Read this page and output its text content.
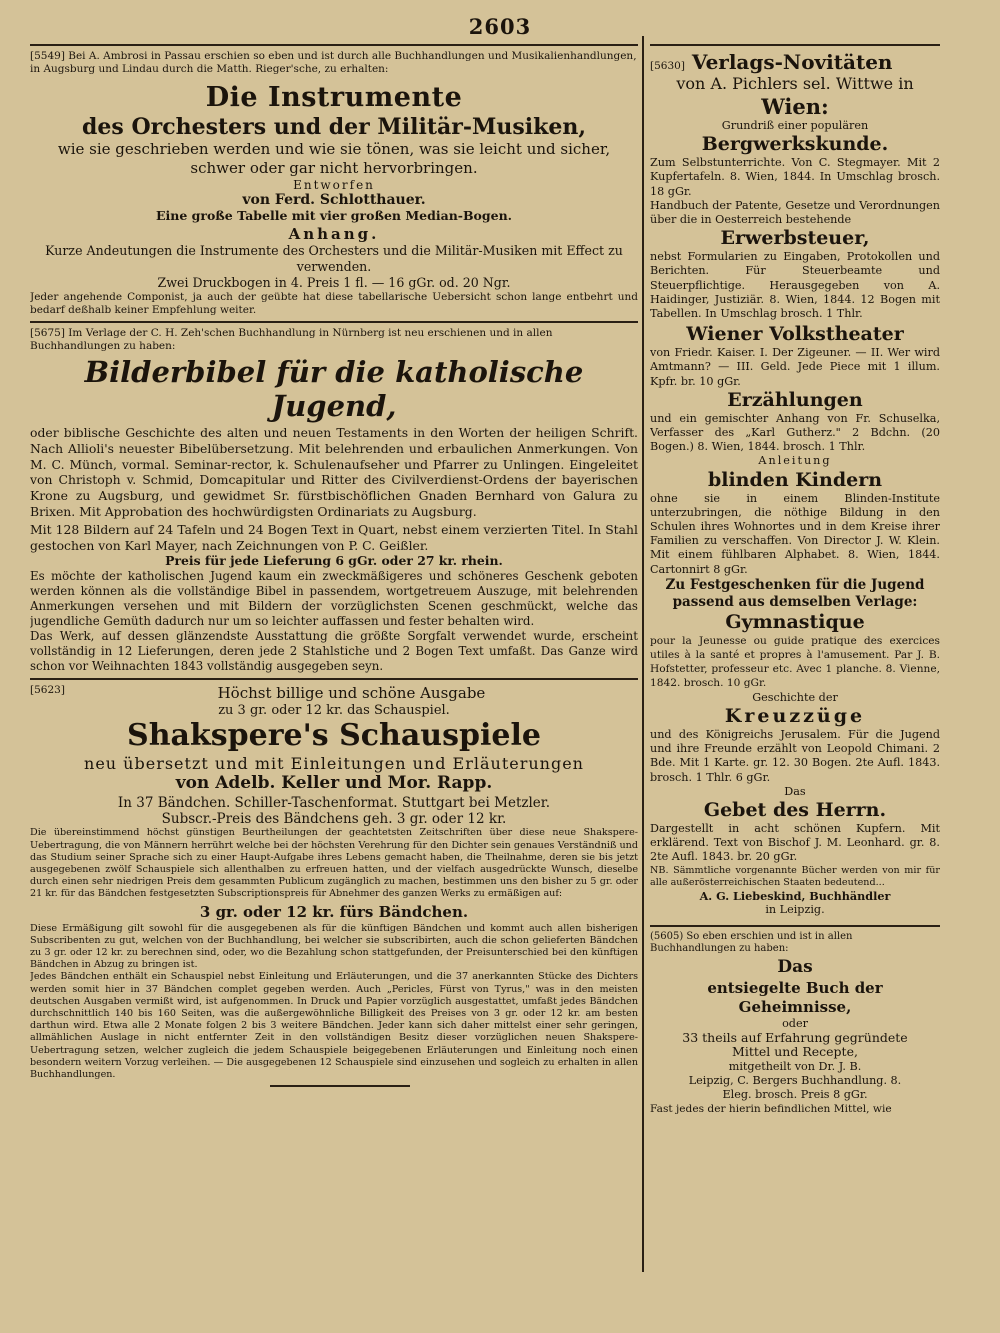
2603
[5549] Bei A. Ambrosi in Passau erschien so eben und ist durch alle Buchhandlungen und Musikalienhandlungen, in Augsburg und Lindau durch die Matth. Rieger'sche, zu erhalten:
Die Instrumente
des Orchesters und der Militär-Musiken,
wie sie geschrieben werden und wie sie tönen, was sie leicht und sicher,
schwer oder gar nicht hervorbringen.
Entworfen
von Ferd. Schlotthauer.
Eine große Tabelle mit vier großen Median-Bogen.
Anhang.
Kurze Andeutungen die Instrumente des Orchesters und die Militär-Musiken mit Effect zu verwenden.
Zwei Druckbogen in 4. Preis 1 fl. — 16 gGr. od. 20 Ngr.
Jeder angehende Componist, ja auch der geübte hat diese tabellarische Uebersicht schon lange entbehrt und bedarf deßhalb keiner Empfehlung weiter.
[5675] Im Verlage der C. H. Zeh'schen Buchhandlung in Nürnberg ist neu erschienen und in allen Buchhandlungen zu haben:
Bilderbibel für die katholische Jugend,
oder biblische Geschichte des alten und neuen Testaments in den Worten der heiligen Schrift. Nach Allioli's neuester Bibelübersetzung. Mit belehrenden und erbaulichen Anmerkungen. Von M. C. Münch, vormal. Seminar-rector, k. Schulenaufseher und Pfarrer zu Unlingen. Eingeleitet von Christoph v. Schmid, Domcapitular und Ritter des Civilverdienst-Ordens der bayerischen Krone zu Augsburg, und gewidmet Sr. fürstbischöflichen Gnaden Bernhard von Galura zu Brixen. Mit Approbation des hochwürdigsten Ordinariats zu Augsburg.
Mit 128 Bildern auf 24 Tafeln und 24 Bogen Text in Quart, nebst einem verzierten Titel. In Stahl gestochen von Karl Mayer, nach Zeichnungen von P. C. Geißler.
Preis für jede Lieferung 6 gGr. oder 27 kr. rhein.
Es möchte der katholischen Jugend kaum ein zweckmäßigeres und schöneres Geschenk geboten werden können als die vollständige Bibel in passendem, wortgetreuem Auszuge, mit belehrenden Anmerkungen versehen und mit Bildern der vorzüglichsten Scenen geschmückt, welche das jugendliche Gemüth dadurch nur um so leichter auffassen und fester behalten wird.
Das Werk, auf dessen glänzendste Ausstattung die größte Sorgfalt verwendet wurde, erscheint vollständig in 12 Lieferungen, deren jede 2 Stahlstiche und 2 Bogen Text umfaßt. Das Ganze wird schon vor Weihnachten 1843 vollständig ausgegeben seyn.
[5623]	Höchst billige und schöne Ausgabe
zu 3 gr. oder 12 kr. das Schauspiel.
Shakspere's Schauspiele
neu übersetzt und mit Einleitungen und Erläuterungen
von Adelb. Keller und Mor. Rapp.
In 37 Bändchen. Schiller-Taschenformat. Stuttgart bei Metzler.
Subscr.-Preis des Bändchens geh. 3 gr. oder 12 kr.
Die übereinstimmend höchst günstigen Beurtheilungen der geachtetsten Zeitschriften über diese neue Shakspere-Uebertragung, die von Männern herrührt welche bei der höchsten Verehrung für den Dichter sein genaues Verständniß und das Studium seiner Sprache sich zu einer Haupt-Aufgabe ihres Lebens gemacht haben, die Theilnahme, deren sie bis jetzt ausgegebenen zwölf Schauspiele sich allenthalben zu erfreuen hatten, und der vielfach ausgedrückte Wunsch, dieselbe durch einen sehr niedrigen Preis dem gesammten Publicum zugänglich zu machen, bestimmen uns den bisher zu 5 gr. oder 21 kr. für das Bändchen festgesetzten Subscriptionspreis für Abnehmer des ganzen Werks zu ermäßigen auf:
3 gr. oder 12 kr. fürs Bändchen.
Diese Ermäßigung gilt sowohl für die ausgegebenen als für die künftigen Bändchen und kommt auch allen bisherigen Subscribenten zu gut, welchen von der Buchhandlung, bei welcher sie subscribirten, auch die schon gelieferten Bändchen zu 3 gr. oder 12 kr. zu berechnen sind, oder, wo die Bezahlung schon stattgefunden, der Preisunterschied bei den künftigen Bändchen in Abzug zu bringen ist.
Jedes Bändchen enthält ein Schauspiel nebst Einleitung und Erläuterungen, und die 37 anerkannten Stücke des Dichters werden somit hier in 37 Bändchen complet gegeben werden. Auch „Pericles, Fürst von Tyrus," was in den meisten deutschen Ausgaben vermißt wird, ist aufgenommen. In Druck und Papier vorzüglich ausgestattet, umfaßt jedes Bändchen durchschnittlich 140 bis 160 Seiten, was die außergewöhnliche Billigkeit des Preises von 3 gr. oder 12 kr. am besten darthun wird. Etwa alle 2 Monate folgen 2 bis 3 weitere Bändchen. Jeder kann sich daher mittelst einer sehr geringen, allmählichen Auslage in nicht entfernter Zeit in den vollständigen Besitz dieser vorzüglichen neuen Shakspere-Uebertragung setzen, welcher zugleich die jedem Schauspiele beigegebenen Erläuterungen und Einleitung noch einen besondern weitern Vorzug verleihen. — Die ausgegebenen 12 Schauspiele sind einzusehen und sogleich zu erhalten in allen Buchhandlungen.
[5630] Verlags-Novitäten
von A. Pichlers sel. Wittwe in
Wien:
Grundriß einer populären
Bergwerkskunde.
Zum Selbstunterrichte. Von C. Stegmayer. Mit 2 Kupfertafeln. 8. Wien, 1844. In Umschlag brosch. 18 gGr.
Handbuch der Patente, Gesetze und Verordnungen über die in Oesterreich bestehende
Erwerbsteuer,
nebst Formularien zu Eingaben, Protokollen und Berichten. Für Steuerbeamte und Steuerpflichtige. Herausgegeben von A. Haidinger, Justiziär. 8. Wien, 1844. 12 Bogen mit Tabellen. In Umschlag brosch. 1 Thlr.
Wiener Volkstheater
von Friedr. Kaiser. I. Der Zigeuner. — II. Wer wird Amtmann? — III. Geld. Jede Piece mit 1 illum. Kpfr. br. 10 gGr.
Erzählungen
und ein gemischter Anhang von Fr. Schuselka, Verfasser des „Karl Gutherz." 2 Bdchn. (20 Bogen.) 8. Wien, 1844. brosch. 1 Thlr.
Anleitung
blinden Kindern
ohne sie in einem Blinden-Institute unterzubringen, die nöthige Bildung in den Schulen ihres Wohnortes und in dem Kreise ihrer Familien zu verschaffen. Von Director J. W. Klein. Mit einem fühlbaren Alphabet. 8. Wien, 1844. Cartonnirt 8 gGr.
Zu Festgeschenken für die Jugend passend aus demselben Verlage:
Gymnastique
pour la Jeunesse ou guide pratique des exercices utiles à la santé et propres à l'amusement. Par J. B. Hofstetter, professeur etc. Avec 1 planche. 8. Vienne, 1842. brosch. 10 gGr.
Geschichte der
Kreuzzüge
und des Königreichs Jerusalem. Für die Jugend und ihre Freunde erzählt von Leopold Chimani. 2 Bde. Mit 1 Karte. gr. 12. 30 Bogen. 2te Aufl. 1843. brosch. 1 Thlr. 6 gGr.
Das
Gebet des Herrn.
Dargestellt in acht schönen Kupfern. Mit erklärend. Text von Bischof J. M. Leonhard. gr. 8. 2te Aufl. 1843. br. 20 gGr.
NB. Sämmtliche vorgenannte Bücher werden von mir für alle außerösterreichischen Staaten bedeutend...
A. G. Liebeskind, Buchhändler
in Leipzig.
(5605) So eben erschien und ist in allen Buchhandlungen zu haben:
Das
entsiegelte Buch der Geheimnisse,
oder
33 theils auf Erfahrung gegründete
Mittel und Recepte,
mitgetheilt von Dr. J. B.
Leipzig, C. Bergers Buchhandlung. 8.
Eleg. brosch. Preis 8 gGr.
Fast jedes der hierin befindlichen Mittel, wie
